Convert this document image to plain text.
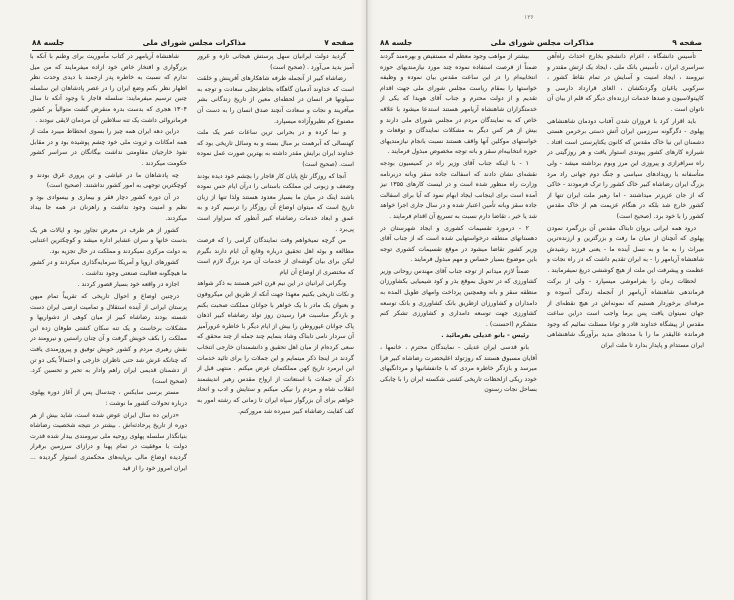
صفحه ۷
مذاکرات مجلس شورای ملی
جلسه ۸۸

گردید دولت ایرانیان سهل پرستش هیجانی تازه و غرور آمیز بدید می‌آورد . (صحیح است)

رضاشاه کبیر از آنجمله طرفه شاهکارهای آفرینش و خلقت است که خداوند آدمیان گاهگاه بخاطرتجلی سعادت و توجه به سیلونها فر انسان در لحظه‌ای معین از تاریخ زندگانی بشر میآفریند و نجات و سعادت آنچند صدق انسان را به دست آن مصنوع کم نظیروآزاده میسپارد.

و نما کرده و در بحرانی ترین ساعات عمر یک ملت کهنسالی که آبرهمت بر مبال بسته و به وسائل تاریخی بود که خداوند ایران برایش مقدر داشته به بهترین صورت عمل نموده است. (صحیح است)

آنجا که روزگار تلخ پایان کار قاجار را بچشم خود دیده بودند وضعف و زبونی این مملکت باستانی را درآن ایام حس نموده باشند اینک در میان ما بسیار معدود هستند ولذا تنها از زبان تاریخ است که میتوان اوضاع آن روزگار را ترسیم کرد و به عمق و ابعاد خدمات رضاشاه کبیر آنطور که سزاوار است پی‌برد .

من گرچه نمیخواهم وقت نمایندگان گرامی را که فرصت مطالعه و بوئه اهل تحقیق درباره وقایع آن ایام دارند بگیرم لیکن برای بیان گوشه‌ای از خدمات آن مرد بزرگ لازم است که مختصری از اوضاع آن ایام

ونگرانی ایرانیان در این نیم قرن اخیر هستند به ذکر شواهد و نکات تاریخی بکنیم معهذا جهت آنکه از طریق این میکروفون و بعنوان یک مادر با یک خواهر با جوانان مملکت صحبت بکنم و باردگر مناسبت فرا رسیدن روز تولد رضاشاه کبیر اذهان پاک جوانان غیوروطن را بیش از ایام دیگر با خاطره غرورآمیز آن سردار نامی تابناک وشاد بنمایم چند جمله از چند محقق که سعی کرده‌ام از میان اهل تحقیق و دانشمندان خارجی انتخاب گردند در اینجا ذکر مینمایم و این جملات را برای تائید خدمات این ابرمرد تاریخ کهن مملکتمان عرض میکنم . منتهی قبل از ذکر آن جملات با استعانت از ارواح مقدس رهبر اندیشمند انقلاب شاه و مردم را نیکی میکنم و ستایش و ادب و اتحاد خواهم برای آن بزرگوار سپاه ایران تا زمانی که رشته امور به کف کفایت رضاشاه کبیر سپرده شد مرورکنم.

شاهنشاه آریامهر در کتاب مأموریت برای وطنم با آنکه با بزرگواری و افتخار خاص خود اراده میفرمایند که من میل ندارم که نسبت به خاطره پدر ارجمند با دیدی وحدت نظر اظهار نظر بکنم وضع ایران را در عصر پادشاهان این سلسله چنین ترسیم میفرمایند: سلسله قاجار با وجود آنکه تا سال ۱۳۰۴ هجری که بدست بدره منقرض گشت متوالیاً بر کشور فرمانروائی داشت یک تنه سلاطین آن مردمان لایقی نبودند .

دراین دهه ایران همه چیز را بسوی انحطاط میبرد ملت از همه امکانات و ثروت ملی خود چشم پوشیده بود و در مقابل نفوذ خارجیان مقاومتی نداشت بیگانگان در سراسر کشور حکومت میکردند .

چه پادشاهان ما در عیاشی و تن پروری غرق بودند و کوچکترین توجهی به امور کشور نداشتند. (صحیح است)

در آن دوره کشور دچار فقر و بیماری و بیسوادی بود و نظم و امنیت وجود نداشت و راهزنان در همه جا بیداد میکردند.

کشور از هر طرف در معرض تجاوز بود و ایالات هر یک بدست خانها و سران عشایر اداره میشد و کوچکترین اعتنایی به دولت مرکزی نمیکردند و مملکت در حال تجزیه بود.

کشورهای اروپا و آمریکا سرمایه‌گذاری میکردند و در کشور ما هیچگونه فعالیت صنعتی وجود نداشت .

اجازه در واقعه خود بسیار قصور کردند .

درچنین اوضاع و احوال تاریخی که تقریباً تمام میهن پرستان ایرانی از آینده استقلال و تمامیت ارضی ایران دست شسته بودند رضاشاه کبیر از میان کوهی از دشواریها و مشکلات برخاست و یک تنه سکان کشتی طوفان زده این مملکت را بکف خویش گرفت و آن چنان راستین و نیرومند در نقش رهبری مردم و کشور خویش توفیق و پیروزمندی یافت که چنانکه غرش شد حتی ناظران خارجی و احتمالاً یکی دو تن از دشمنان قدیمی ایران راهم وادار به تحیر و تحسین کرد. (صحیح است)

مستر برسی سایکس ، چندسال پس از آغاز دوره پهلوی درباره تحولات کشور ما نوشت :

«دراین ده سال ایران عوض شده است، شاید بیش از هر دوره از تاریخ پرحادثه‌اش . بیشتر در نتیجه شخصیت رضاشاه بنیانگذار سلسله پهلوی روحیه ملی نیرومندی بیدار شده قدرت دولت با موفقیت در تمام پهنا و درازای سرزمین برقرار گردیده اوضاع مالی برپایه‌های محکمتری استوار گردیده ... ایران امروز خود را از قید

۱۳۶
صفحه ۹
مذاکرات مجلس شورای ملی
جلسه ۸۸

تأسیس دانشگاه ، اعزام دانشجو بخارج احداث راه‌آهن سراسری ایران ، تأسیس بانک ملی ، ایجاد یک ارتش مقتدر و نیرومند ، ایجاد امنیت و آسایش در تمام نقاط کشور ، سرکوبی یاغیان وگردنکشان ، الغای قرارداد دارسی و کاپیتولاسیون و صدها خدمات ارزنده‌ای دیگر که قلم از بیان آن ناتوان است .

باید اقرار کرد با فروزان شدن آفتاب دودمان شاهنشاهی پهلوی - دگرگونه سرزمین ایران آتش دستی برخرمن هستی دشمنان این نیا خاک مقدس که کانون یکتاپرستی است افتاد . شیرازه کارهای کشور پیوندی استوار یافت و هر روزگیتی در راه سرافرازی و پیروزی این مرز وبوم برداشته میشد - ولی متأسفانه با رویدادهای سیاسی و جنگ دوم جهانی راد مرد بزرگ ایران رضاشاه کبیر خاک کشور را ترک فرمودند - خاکی که از جان عزیزتر میداشتند - اما رهبر ملت ایران تنها از کشور خارج شد بلکه در هنگام عزیمت هم از خاک مقدس کشور را با خود برد. (صحیح است)

درود همه ایرانی بروان تابناک مقدس آن بزرگمرد نمودن پهلوی که آنچنان از میان ما رفت و بزرگترین و ارزنده‌ترین میراث را به ما و به نسل آینده ما - یعنی فرزند رشیدش شاهنشاه آریامهر را - به ایران تقدیم داشت که در راه نجات و عظمت و پیشرفت این ملت از هیچ کوششی دریغ نمیفرمایند .

لحظات زمان را بفراموشی میسپارد - ولی از برکت فرماندهی شاهنشاه آریامهر از آنجمله زندگی آسوده و مرفه‌ای برخوردار هستیم که نمونه‌اش در هیچ نقطه‌ای از جهان نمیتوان یافت پس برما واجب است دراین ساعت مقدس از پیشگاه خداوند قادر و توانا مسئلت نمائیم که وجود فرمانده عالیقدر ما را با مددهای مدید برآورنگ شاهنشاهی ایران مستدام و پایدار بدارد تا ملت ایران

بیشتر از مواهب وجود معظم له مستفیض و بهره‌مند گردند ضمناً از فرصت استفاده نموده چند مورد نیازمندیهای حوزه انتخابیه‌ام را در این ساعت مقدس بیان نموده و وظیفه خواستها را بمقام ریاست مجلس شورای ملی جهت اقدام تقدیم و از دولت محترم و جناب آقای هویدا که یکی از خدمتگزاران شاهنشاه آریامهر هستند استدعا میشود با علاقه خاص که به نمایندگان مردم در مجلس شورای ملی دارند و بیش از هر کس دیگر به مشکلات نمایندگان و توقعات و خواستهای موکلین آنها واقف هستند نسبت بانجام نیازمندیهای حوزه انتخابیه‌ام سقز و بانه توجه مخصوص مبذول فرمایند .

۱ - با اینکه جناب آقای وزیر راه در کمیسیون بودجه نقشه‌ای نشان دادند که اسفالت جاده سقز وبانه دربرنامه وزارت راه منظور شده است و در لیست کارهای ۱۳۵۵ نیز آمده است برای اینجانب ایجاد ابهام نمود که آیا برای اسفالت جاده سقز وبانه تأمین اعتبار شده و در سال جاری اجرا خواهد شد یا خیر ، تقاضا دارم نسبت به تسریع آن اقدام فرمایند .

۲ - درمورد تقسیمات کشوری و ایجاد شهرستان در دهستانهای منطقه درخواستهایی شده است که از جناب آقای وزیر کشور تقاضا میشود در موقع تقسیمات کشوری توجه باین موضوع بسیار حساس و مهم مبذول فرمایند .

ضمناً لازم میدانم از توجه جناب آقای مهندس روحانی وزیر کشاورزی که در تحویل بموقع بذر و کود شیمیایی بکشاورزان منطقه سقز و بانه وهمچنین پرداخت وامهای طویل المده به دامداران و کشاورزان ازطریق بانک کشاورزی و بانک توسعه کشاورزی جهت توسعه دامداری و کشاورزی تشکر کنم متشکرم (احسنت) .

رئیس - بانو عدیلی بفرمائید .

بانو قدسی ایران عدیلی - نمایندگان محترم ، خانمها ، آقایان مسبوق هستند که روزتولد اعلیحضرت رضاشاه کبیر فرا میرسد و بازدگر خاطره مردی که با جانفشانیها و مردانگیهای خودد ریکی ازلحظات تاریخی کشتی شکسته ایران را با چابکی بساحل نجات رسنون
